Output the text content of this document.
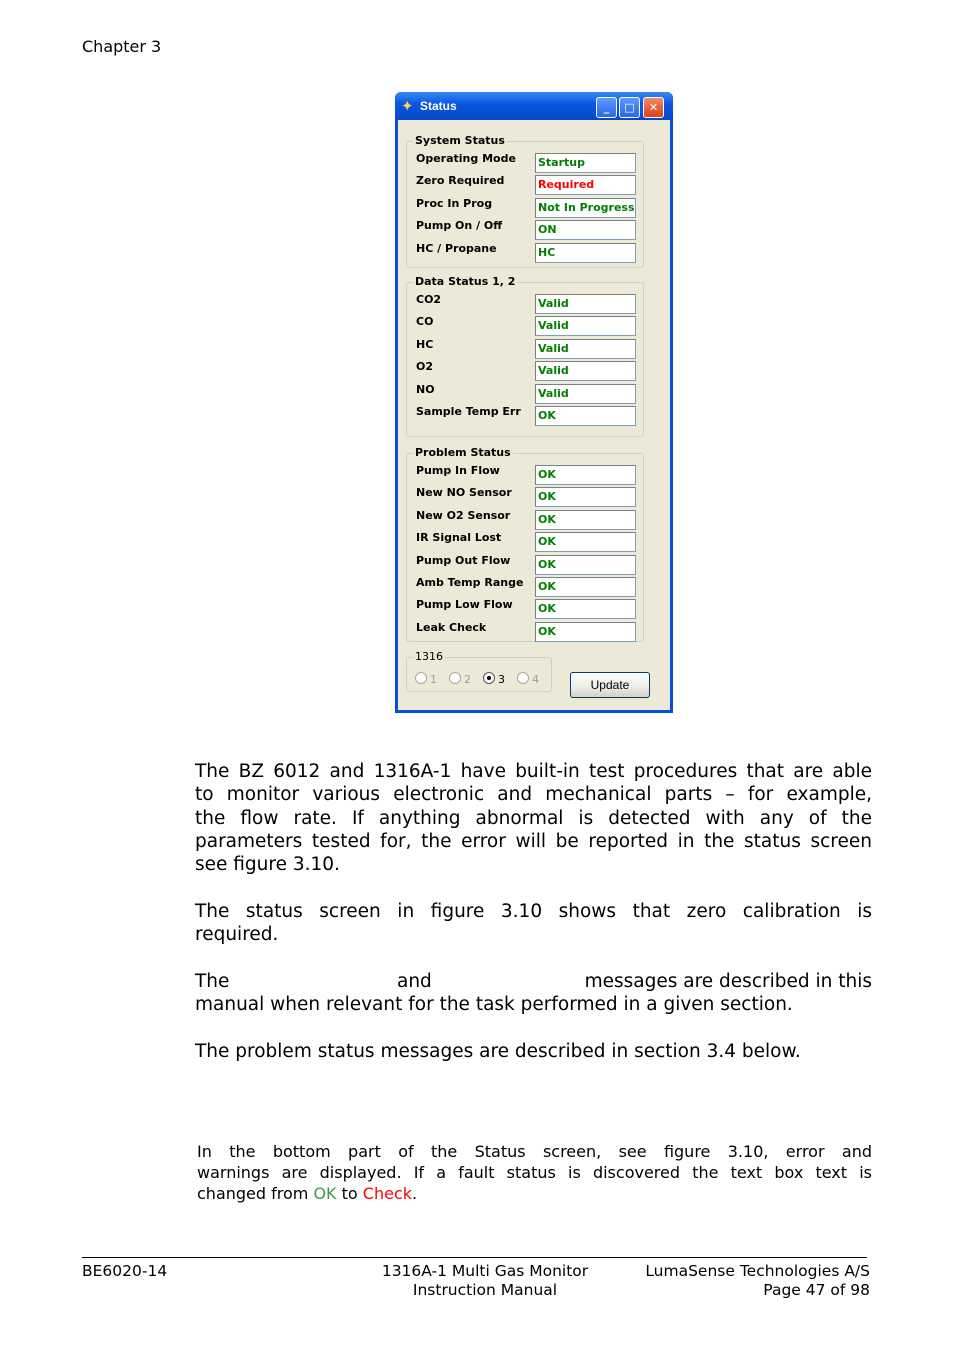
Chapter 3
✦ Status	_	□	✕
System Status
Operating Mode Startup
Zero Required	Required
Proc In Prog	Not In Progress
Pump On / Off	ON
HC / Propane	HC
Data Status 1, 2
CO2	Valid
CO	Valid
HC	Valid
O2	Valid
NO	Valid
Sample Temp Err OK
Problem Status
Pump In Flow	OK
New NO Sensor OK
New O2 Sensor	OK
IR Signal Lost	OK
Pump Out Flow	OK
Amb Temp Range OK
Pump Low Flow OK
Leak Check	OK
1316
1	2	3	4	Update
The BZ 6012 and 1316A-1 have built-in test procedures that are able
to monitor various electronic and mechanical parts – for example,
the flow rate. If anything abnormal is detected with any of the
parameters tested for, the error will be reported in the status screen
see figure 3.10.
The status screen in figure 3.10 shows that zero calibration is
required.
The	and	messages are described in this
manual when relevant for the task performed in a given section.
The problem status messages are described in section 3.4 below.
In the bottom part of the Status screen, see figure 3.10, error and
warnings are displayed. If a fault status is discovered the text box text is
changed from OK to Check.
BE6020-14	1316A-1 Multi Gas Monitor
Instruction Manual
LumaSense Technologies A/S
Page 47 of 98
